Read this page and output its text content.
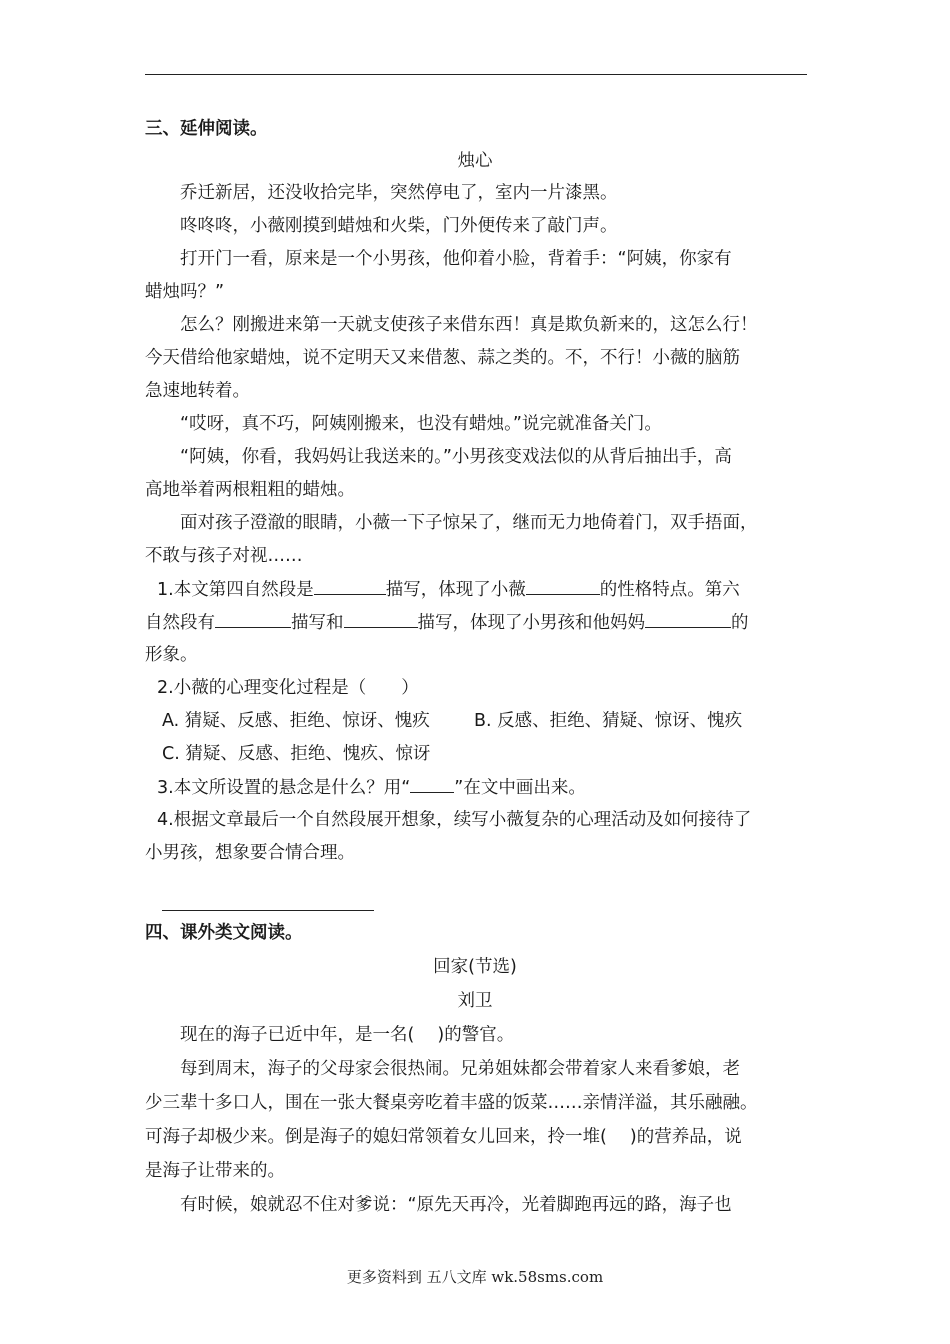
三、延伸阅读。
烛心
乔迁新居，还没收拾完毕，突然停电了，室内一片漆黑。
咚咚咚，小薇刚摸到蜡烛和火柴，门外便传来了敲门声。
打开门一看，原来是一个小男孩，他仰着小脸，背着手：“阿姨，你家有
蜡烛吗？”
怎么？刚搬进来第一天就支使孩子来借东西！真是欺负新来的，这怎么行！
今天借给他家蜡烛，说不定明天又来借葱、蒜之类的。不，不行！小薇的脑筋
急速地转着。
“哎呀，真不巧，阿姨刚搬来，也没有蜡烛。”说完就准备关门。
“阿姨，你看，我妈妈让我送来的。”小男孩变戏法似的从背后抽出手，高
高地举着两根粗粗的蜡烛。
面对孩子澄澈的眼睛，小薇一下子惊呆了，继而无力地倚着门，双手捂面，
不敢与孩子对视……
1.本文第四自然段是	描写，体现了小薇	的性格特点。第六
自然段有	描写和	描写，体现了小男孩和他妈妈	的
形象。
2.小薇的心理变化过程是（　　）
A. 猜疑、反感、拒绝、惊讶、愧疚	B. 反感、拒绝、猜疑、惊讶、愧疚
C. 猜疑、反感、拒绝、愧疚、惊讶
3.本文所设置的悬念是什么？用“	”在文中画出来。
4.根据文章最后一个自然段展开想象，续写小薇复杂的心理活动及如何接待了
小男孩，想象要合情合理。
四、课外类文阅读。
回家(节选)
刘卫
现在的海子已近中年，是一名(　 )的警官。
每到周末，海子的父母家会很热闹。兄弟姐妹都会带着家人来看爹娘，老
少三辈十多口人，围在一张大餐桌旁吃着丰盛的饭菜……亲情洋溢，其乐融融。
可海子却极少来。倒是海子的媳妇常领着女儿回来，拎一堆(　 )的营养品，说
是海子让带来的。
有时候，娘就忍不住对爹说：“原先天再冷，光着脚跑再远的路，海子也
更多资料到 五八文库 wk.58sms.com
